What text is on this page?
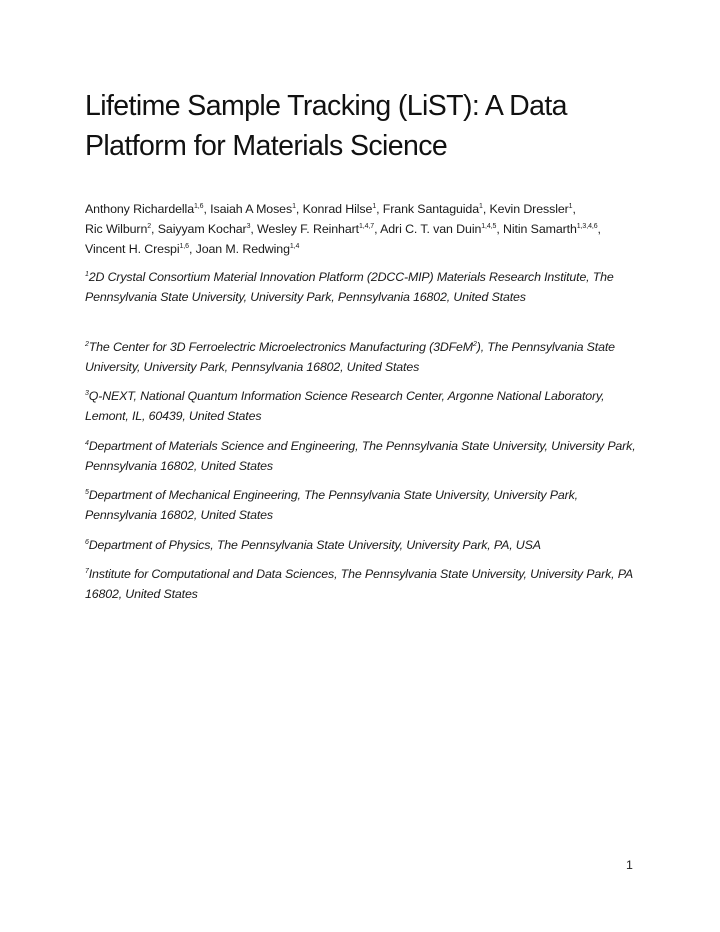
Lifetime Sample Tracking (LiST): A Data Platform for Materials Science

Anthony Richardella$^{1,6}$, Isaiah A Moses$^1$, Konrad Hilse$^1$, Frank Santaguida$^1$, Kevin Dressler$^1$, Ric Wilburn$^2$, Saiyyam Kochar$^3$, Wesley F. Reinhart$^{1,4,7}$, Adri C. T. van Duin$^{1,4,5}$, Nitin Samarth$^{1,3,4,6}$, Vincent H. Crespi$^{1,6}$, Joan M. Redwing$^{1,4}$

$^1$2D Crystal Consortium Material Innovation Platform (2DCC-MIP) Materials Research Institute, The Pennsylvania State University, University Park, Pennsylvania 16802, United States

$^2$The Center for 3D Ferroelectric Microelectronics Manufacturing (3DFeM$^2$), The Pennsylvania State University, University Park, Pennsylvania 16802, United States

$^3$Q-NEXT, National Quantum Information Science Research Center, Argonne National Laboratory, Lemont, IL, 60439, United States

$^4$Department of Materials Science and Engineering, The Pennsylvania State University, University Park, Pennsylvania 16802, United States

$^5$Department of Mechanical Engineering, The Pennsylvania State University, University Park, Pennsylvania 16802, United States

$^6$Department of Physics, The Pennsylvania State University, University Park, PA, USA

$^7$Institute for Computational and Data Sciences, The Pennsylvania State University, University Park, PA 16802, United States

1
